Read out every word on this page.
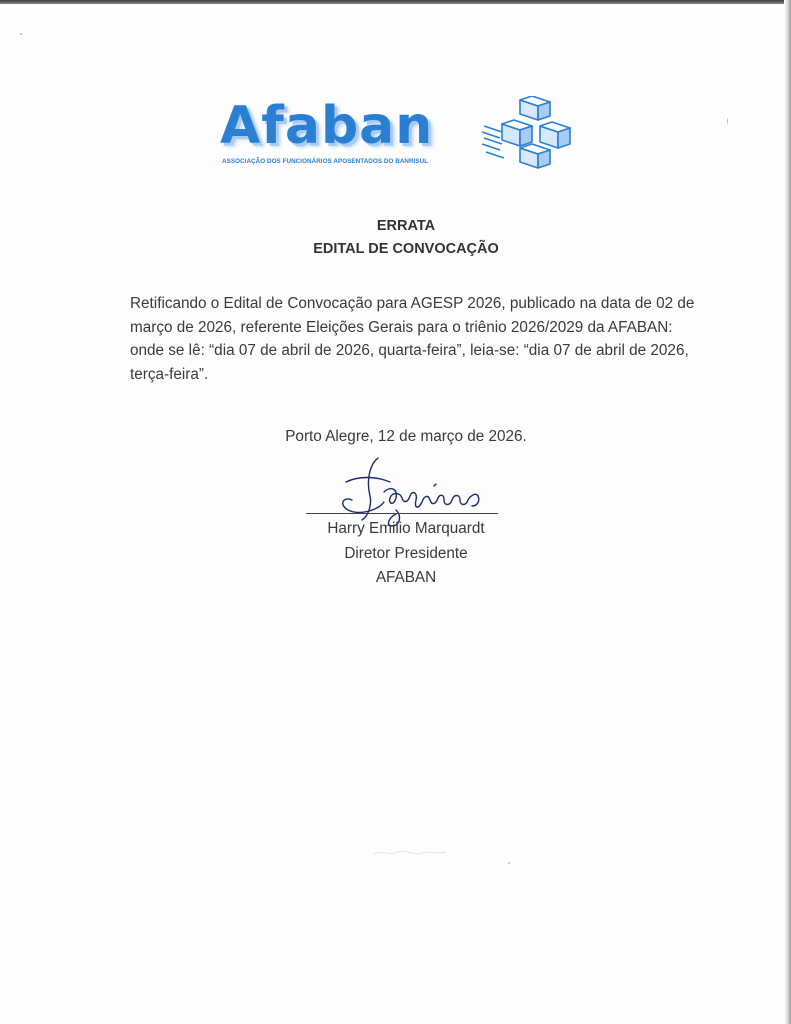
Afaban
ASSOCIAÇÃO DOS FUNCIONÁRIOS APOSENTADOS DO BANRISUL
ERRATA
EDITAL DE CONVOCAÇÃO

Retificando o Edital de Convocação para AGESP 2026, publicado na data de 02 de março de 2026, referente Eleições Gerais para o triênio 2026/2029 da AFABAN: onde se lê: “dia 07 de abril de 2026, quarta-feira”, leia-se: “dia 07 de abril de 2026, terça-feira”.

Porto Alegre, 12 de março de 2026.
Harry Emilio Marquardt
Diretor Presidente
AFABAN
